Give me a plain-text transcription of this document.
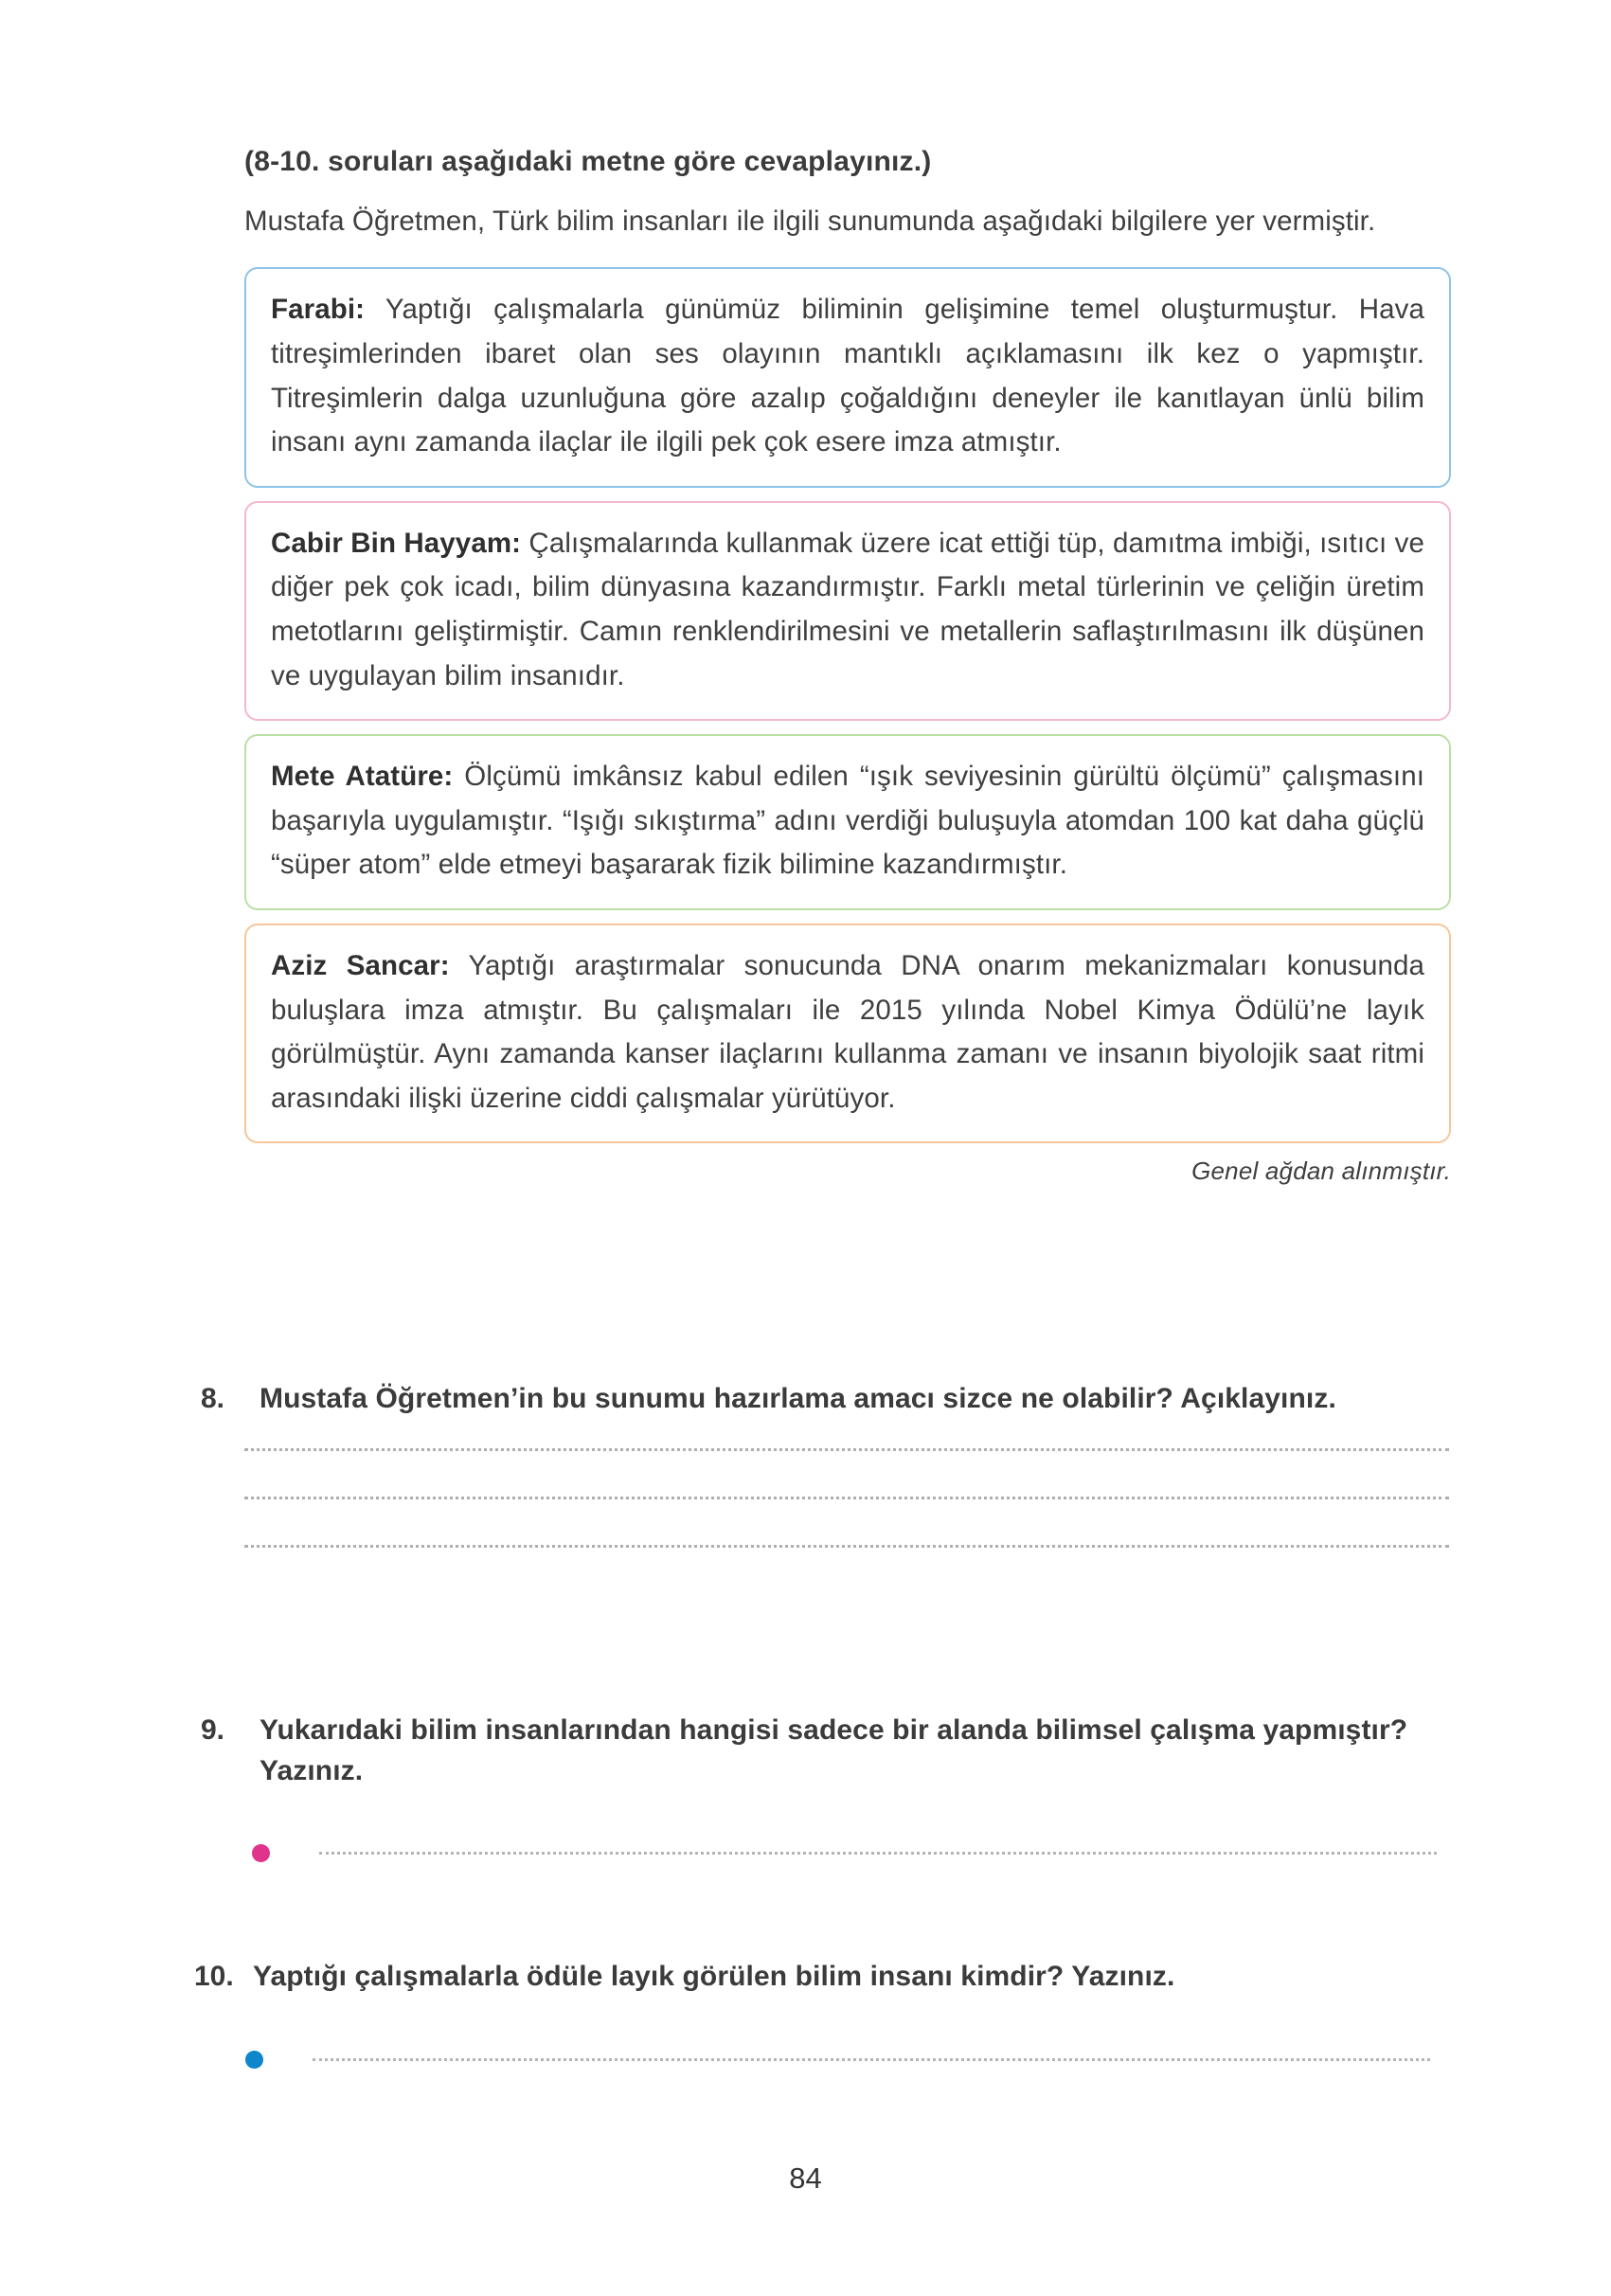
(8-10. soruları aşağıdaki metne göre cevaplayınız.)
Mustafa Öğretmen, Türk bilim insanları ile ilgili sunumunda aşağıdaki bilgilere yer vermiştir.

Farabi: Yaptığı çalışmalarla günümüz biliminin gelişimine temel oluşturmuştur. Hava titreşimlerinden ibaret olan ses olayının mantıklı açıklamasını ilk kez o yapmıştır. Titreşimlerin dalga uzunluğuna göre azalıp çoğaldığını deneyler ile kanıtlayan ünlü bilim insanı aynı zamanda ilaçlar ile ilgili pek çok esere imza atmıştır.

Cabir Bin Hayyam: Çalışmalarında kullanmak üzere icat ettiği tüp, damıtma imbiği, ısıtıcı ve diğer pek çok icadı, bilim dünyasına kazandırmıştır. Farklı metal türlerinin ve çeliğin üretim metotlarını geliştirmiştir. Camın renklendirilmesini ve metallerin saflaştırılmasını ilk düşünen ve uygulayan bilim insanıdır.

Mete Atatüre: Ölçümü imkânsız kabul edilen “ışık seviyesinin gürültü ölçümü” çalışmasını başarıyla uygulamıştır. “Işığı sıkıştırma” adını verdiği buluşuyla atomdan 100 kat daha güçlü “süper atom” elde etmeyi başararak fizik bilimine kazandırmıştır.

Aziz Sancar: Yaptığı araştırmalar sonucunda DNA onarım mekanizmaları konusunda buluşlara imza atmıştır. Bu çalışmaları ile 2015 yılında Nobel Kimya Ödülü’ne layık görülmüştür. Aynı zamanda kanser ilaçlarını kullanma zamanı ve insanın biyolojik saat ritmi arasındaki ilişki üzerine ciddi çalışmalar yürütüyor.

Genel ağdan alınmıştır.
8.	Mustafa Öğretmen’in bu sunumu hazırlama amacı sizce ne olabilir? Açıklayınız.
9.	Yukarıdaki bilim insanlarından hangisi sadece bir alanda bilimsel çalışma yapmıştır? Yazınız.
10. Yaptığı çalışmalarla ödüle layık görülen bilim insanı kimdir? Yazınız.
84
